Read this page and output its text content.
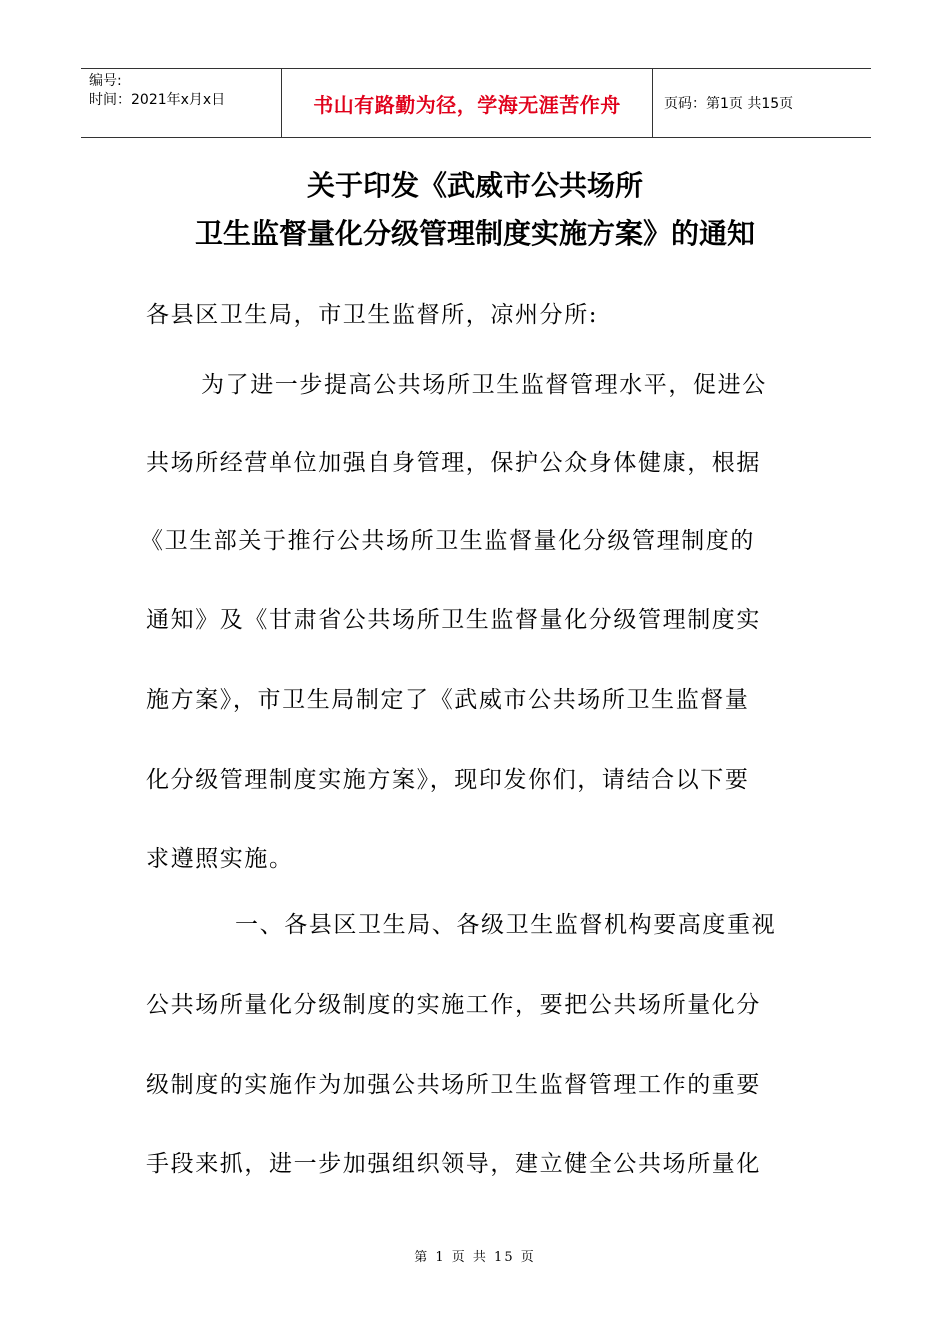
编号:
时间：2021年x月x日	书山有路勤为径，学海无涯苦作舟	页码：第1页 共15页
关于印发《武威市公共场所
卫生监督量化分级管理制度实施方案》的通知
各县区卫生局，市卫生监督所，凉州分所:
为了进一步提高公共场所卫生监督管理水平，促进公
共场所经营单位加强自身管理，保护公众身体健康，根据
《卫生部关于推行公共场所卫生监督量化分级管理制度的
通知》及《甘肃省公共场所卫生监督量化分级管理制度实
施方案》，市卫生局制定了《武威市公共场所卫生监督量
化分级管理制度实施方案》，现印发你们，请结合以下要
求遵照实施。
一、各县区卫生局、各级卫生监督机构要高度重视
公共场所量化分级制度的实施工作，要把公共场所量化分
级制度的实施作为加强公共场所卫生监督管理工作的重要
手段来抓，进一步加强组织领导，建立健全公共场所量化
第 1 页 共 15 页
